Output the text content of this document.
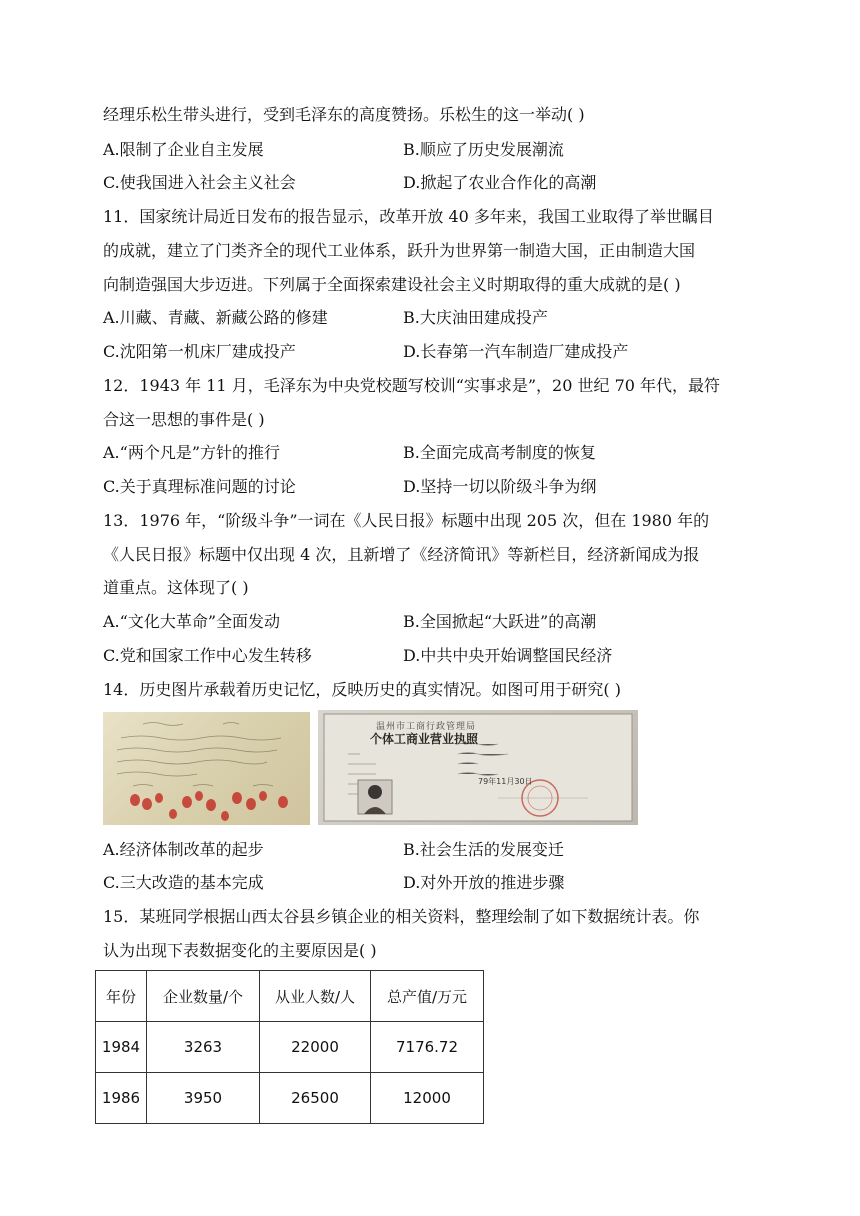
经理乐松生带头进行，受到毛泽东的高度赞扬。乐松生的这一举动( )
A.限制了企业自主发展	B.顺应了历史发展潮流
C.使我国进入社会主义社会	D.掀起了农业合作化的高潮
11．国家统计局近日发布的报告显示，改革开放 40 多年来，我国工业取得了举世瞩目
的成就，建立了门类齐全的现代工业体系，跃升为世界第一制造大国，正由制造大国
向制造强国大步迈进。下列属于全面探索建设社会主义时期取得的重大成就的是( )
A.川藏、青藏、新藏公路的修建	B.大庆油田建成投产
C.沈阳第一机床厂建成投产	D.长春第一汽车制造厂建成投产
12．1943 年 11 月，毛泽东为中央党校题写校训“实事求是”，20 世纪 70 年代，最符
合这一思想的事件是( )
A.“两个凡是”方针的推行	B.全面完成高考制度的恢复
C.关于真理标准问题的讨论	D.坚持一切以阶级斗争为纲
13．1976 年，“阶级斗争”一词在《人民日报》标题中出现 205 次，但在 1980 年的
《人民日报》标题中仅出现 4 次，且新增了《经济简讯》等新栏目，经济新闻成为报
道重点。这体现了( )
A.“文化大革命”全面发动	B.全国掀起“大跃进”的高潮
C.党和国家工作中心发生转移	D.中共中央开始调整国民经济
14．历史图片承载着历史记忆，反映历史的真实情况。如图可用于研究( )
温州市工商行政管理局
个体工商业营业执照
79年11月30日
A.经济体制改革的起步	B.社会生活的发展变迁
C.三大改造的基本完成	D.对外开放的推进步骤
15．某班同学根据山西太谷县乡镇企业的相关资料，整理绘制了如下数据统计表。你
认为出现下表数据变化的主要原因是( )
年份	企业数量/个	从业人数/人	总产值/万元
1984	3263	22000	7176.72
1986	3950	26500	12000
